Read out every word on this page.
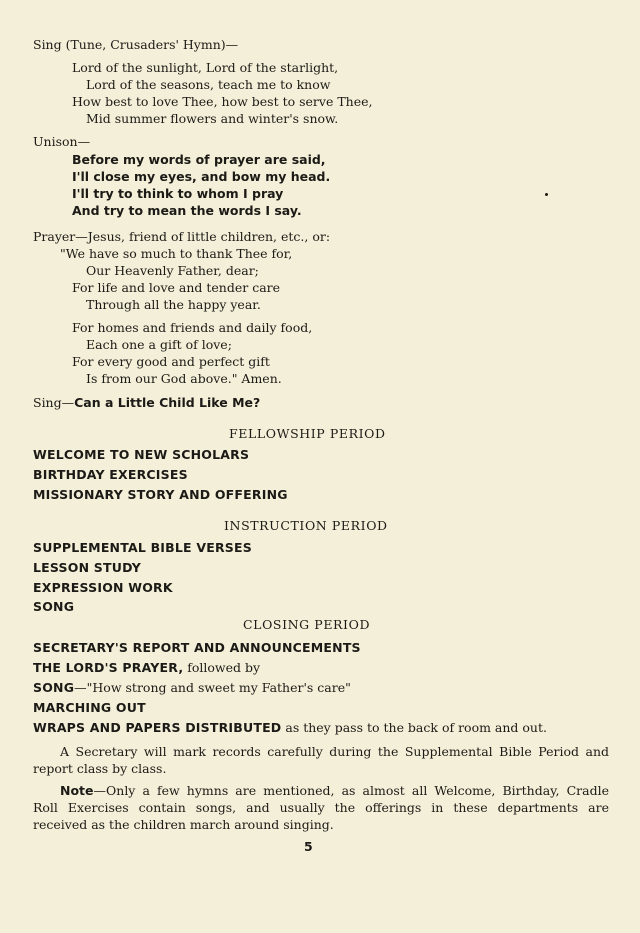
Sing (Tune, Crusaders' Hymn)—
Lord of the sunlight, Lord of the starlight,
Lord of the seasons, teach me to know
How best to love Thee, how best to serve Thee,
Mid summer flowers and winter's snow.
Unison—
Before my words of prayer are said,
I'll close my eyes, and bow my head.
I'll try to think to whom I pray
And try to mean the words I say.
Prayer—Jesus, friend of little children, etc., or:
"We have so much to thank Thee for,
Our Heavenly Father, dear;
For life and love and tender care
Through all the happy year.
For homes and friends and daily food,
Each one a gift of love;
For every good and perfect gift
Is from our God above." Amen.
Sing—Can a Little Child Like Me?
FELLOWSHIP PERIOD
WELCOME TO NEW SCHOLARS
BIRTHDAY EXERCISES
MISSIONARY STORY AND OFFERING
INSTRUCTION PERIOD
SUPPLEMENTAL BIBLE VERSES
LESSON STUDY
EXPRESSION WORK
SONG
CLOSING PERIOD
SECRETARY'S REPORT AND ANNOUNCEMENTS
THE LORD'S PRAYER, followed by
SONG—"How strong and sweet my Father's care"
MARCHING OUT
WRAPS AND PAPERS DISTRIBUTED as they pass to the back of room and out.
A Secretary will mark records carefully during the Supplemental Bible Period and
report class by class.
Note—Only a few hymns are mentioned, as almost all Welcome, Birthday, Cradle
Roll Exercises contain songs, and usually the offerings in these departments are
received as the children march around singing.
5
